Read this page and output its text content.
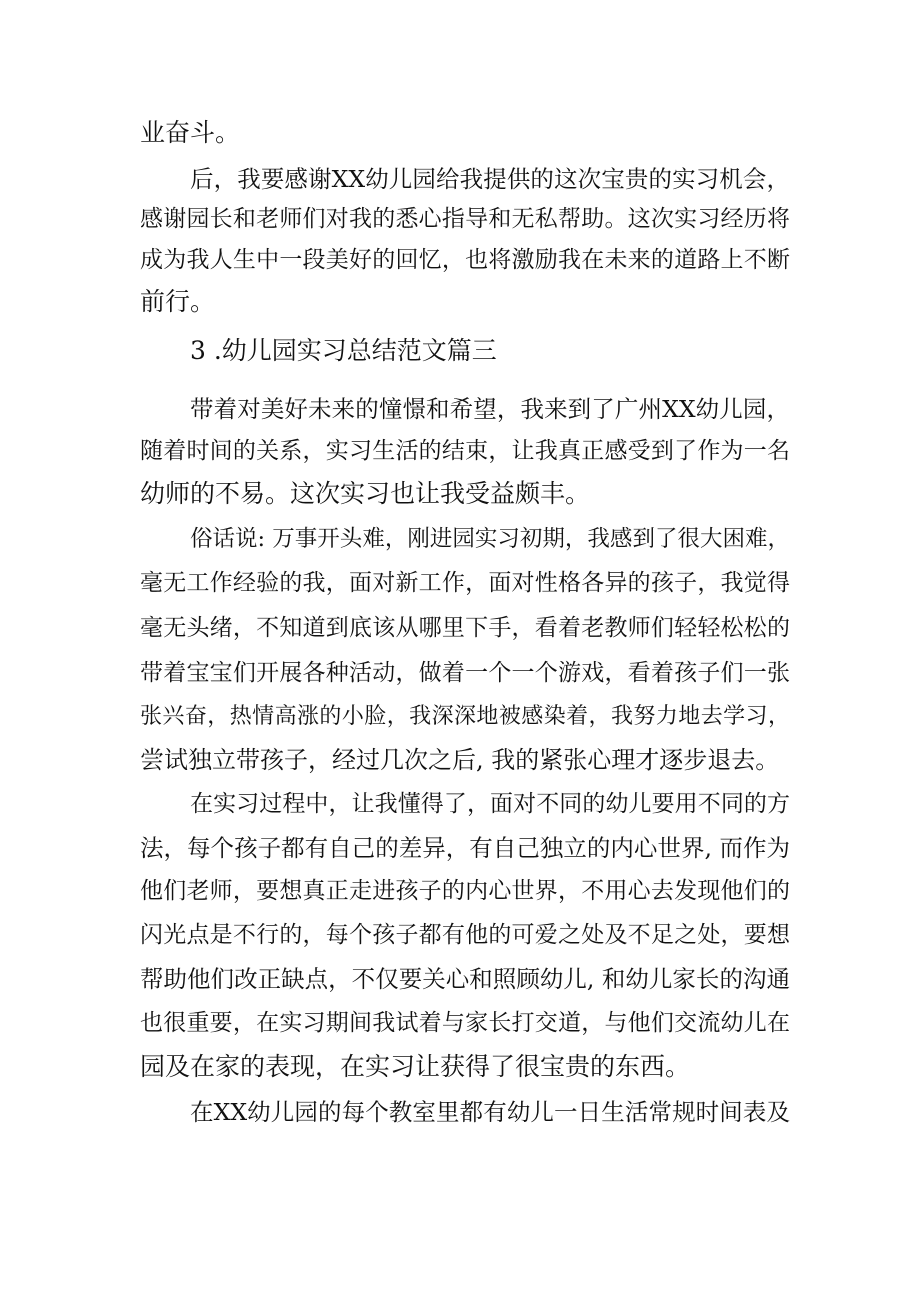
业奋斗。
后，我要感谢XX幼儿园给我提供的这次宝贵的实习机会，
感谢园长和老师们对我的悉心指导和无私帮助。这次实习经历将
成为我人生中一段美好的回忆，也将激励我在未来的道路上不断
前行。
3 .幼儿园实习总结范文篇三
带着对美好未来的憧憬和希望，我来到了广州XX幼儿园，
随着时间的关系，实习生活的结束，让我真正感受到了作为一名
幼师的不易。这次实习也让我受益颇丰。
俗话说: 万事开头难，刚进园实习初期，我感到了很大困难，
毫无工作经验的我，面对新工作，面对性格各异的孩子，我觉得
毫无头绪，不知道到底该从哪里下手，看着老教师们轻轻松松的
带着宝宝们开展各种活动，做着一个一个游戏，看着孩子们一张
张兴奋，热情高涨的小脸，我深深地被感染着，我努力地去学习，
尝试独立带孩子，经过几次之后, 我的紧张心理才逐步退去。
在实习过程中，让我懂得了，面对不同的幼儿要用不同的方
法，每个孩子都有自己的差异，有自己独立的内心世界, 而作为
他们老师，要想真正走进孩子的内心世界，不用心去发现他们的
闪光点是不行的，每个孩子都有他的可爱之处及不足之处，要想
帮助他们改正缺点，不仅要关心和照顾幼儿, 和幼儿家长的沟通
也很重要，在实习期间我试着与家长打交道，与他们交流幼儿在
园及在家的表现，在实习让获得了很宝贵的东西。
在XX幼儿园的每个教室里都有幼儿一日生活常规时间表及
